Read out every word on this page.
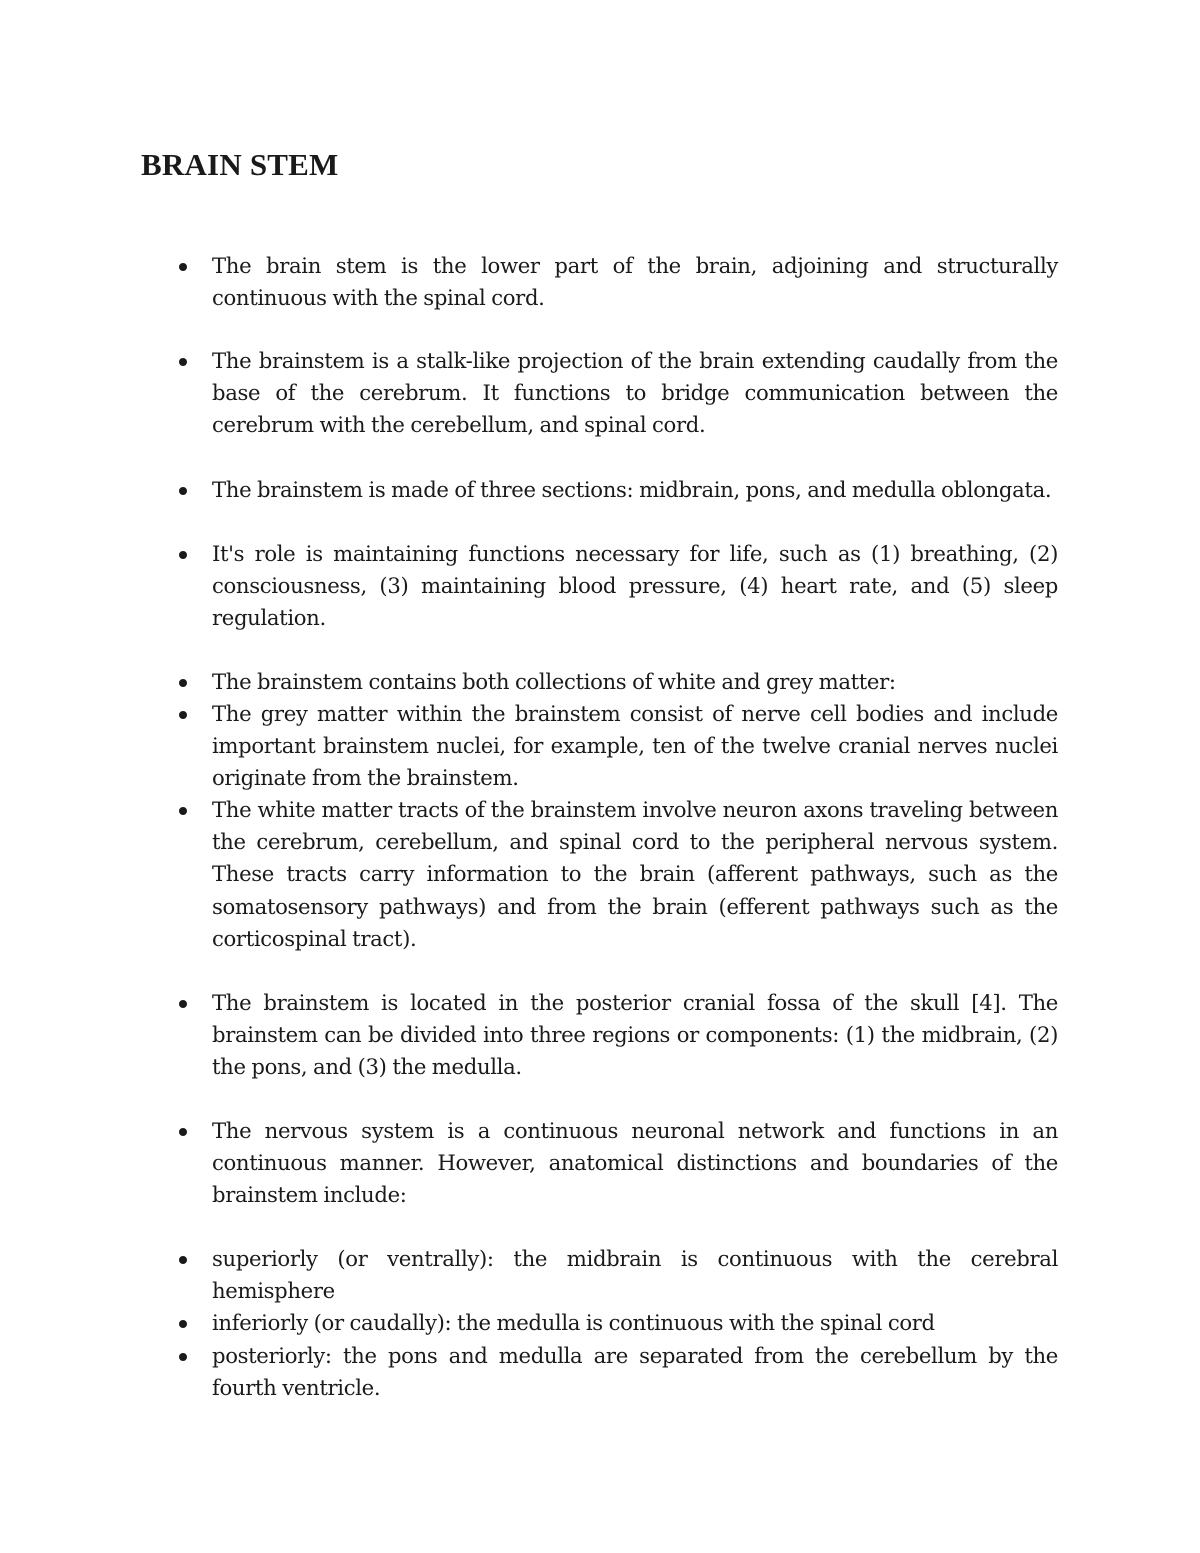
BRAIN STEM
The brain stem is the lower part of the brain, adjoining and structurally continuous with the spinal cord.
The brainstem is a stalk-like projection of the brain extending caudally from the base of the cerebrum. It functions to bridge communication between the cerebrum with the cerebellum, and spinal cord.
The brainstem is made of three sections: midbrain, pons, and medulla oblongata.
It's role is maintaining functions necessary for life, such as (1) breathing, (2) consciousness, (3) maintaining blood pressure, (4) heart rate, and (5) sleep regulation.
The brainstem contains both collections of white and grey matter:
The grey matter within the brainstem consist of nerve cell bodies and include important brainstem nuclei, for example, ten of the twelve cranial nerves nuclei originate from the brainstem.
The white matter tracts of the brainstem involve neuron axons traveling between the cerebrum, cerebellum, and spinal cord to the peripheral nervous system. These tracts carry information to the brain (afferent pathways, such as the somatosensory pathways) and from the brain (efferent pathways such as the corticospinal tract).
The brainstem is located in the posterior cranial fossa of the skull [4]. The brainstem can be divided into three regions or components: (1) the midbrain, (2) the pons, and (3) the medulla.
The nervous system is a continuous neuronal network and functions in an continuous manner. However, anatomical distinctions and boundaries of the brainstem include:
superiorly (or ventrally): the midbrain is continuous with the cerebral hemisphere
inferiorly (or caudally): the medulla is continuous with the spinal cord
posteriorly: the pons and medulla are separated from the cerebellum by the fourth ventricle.
